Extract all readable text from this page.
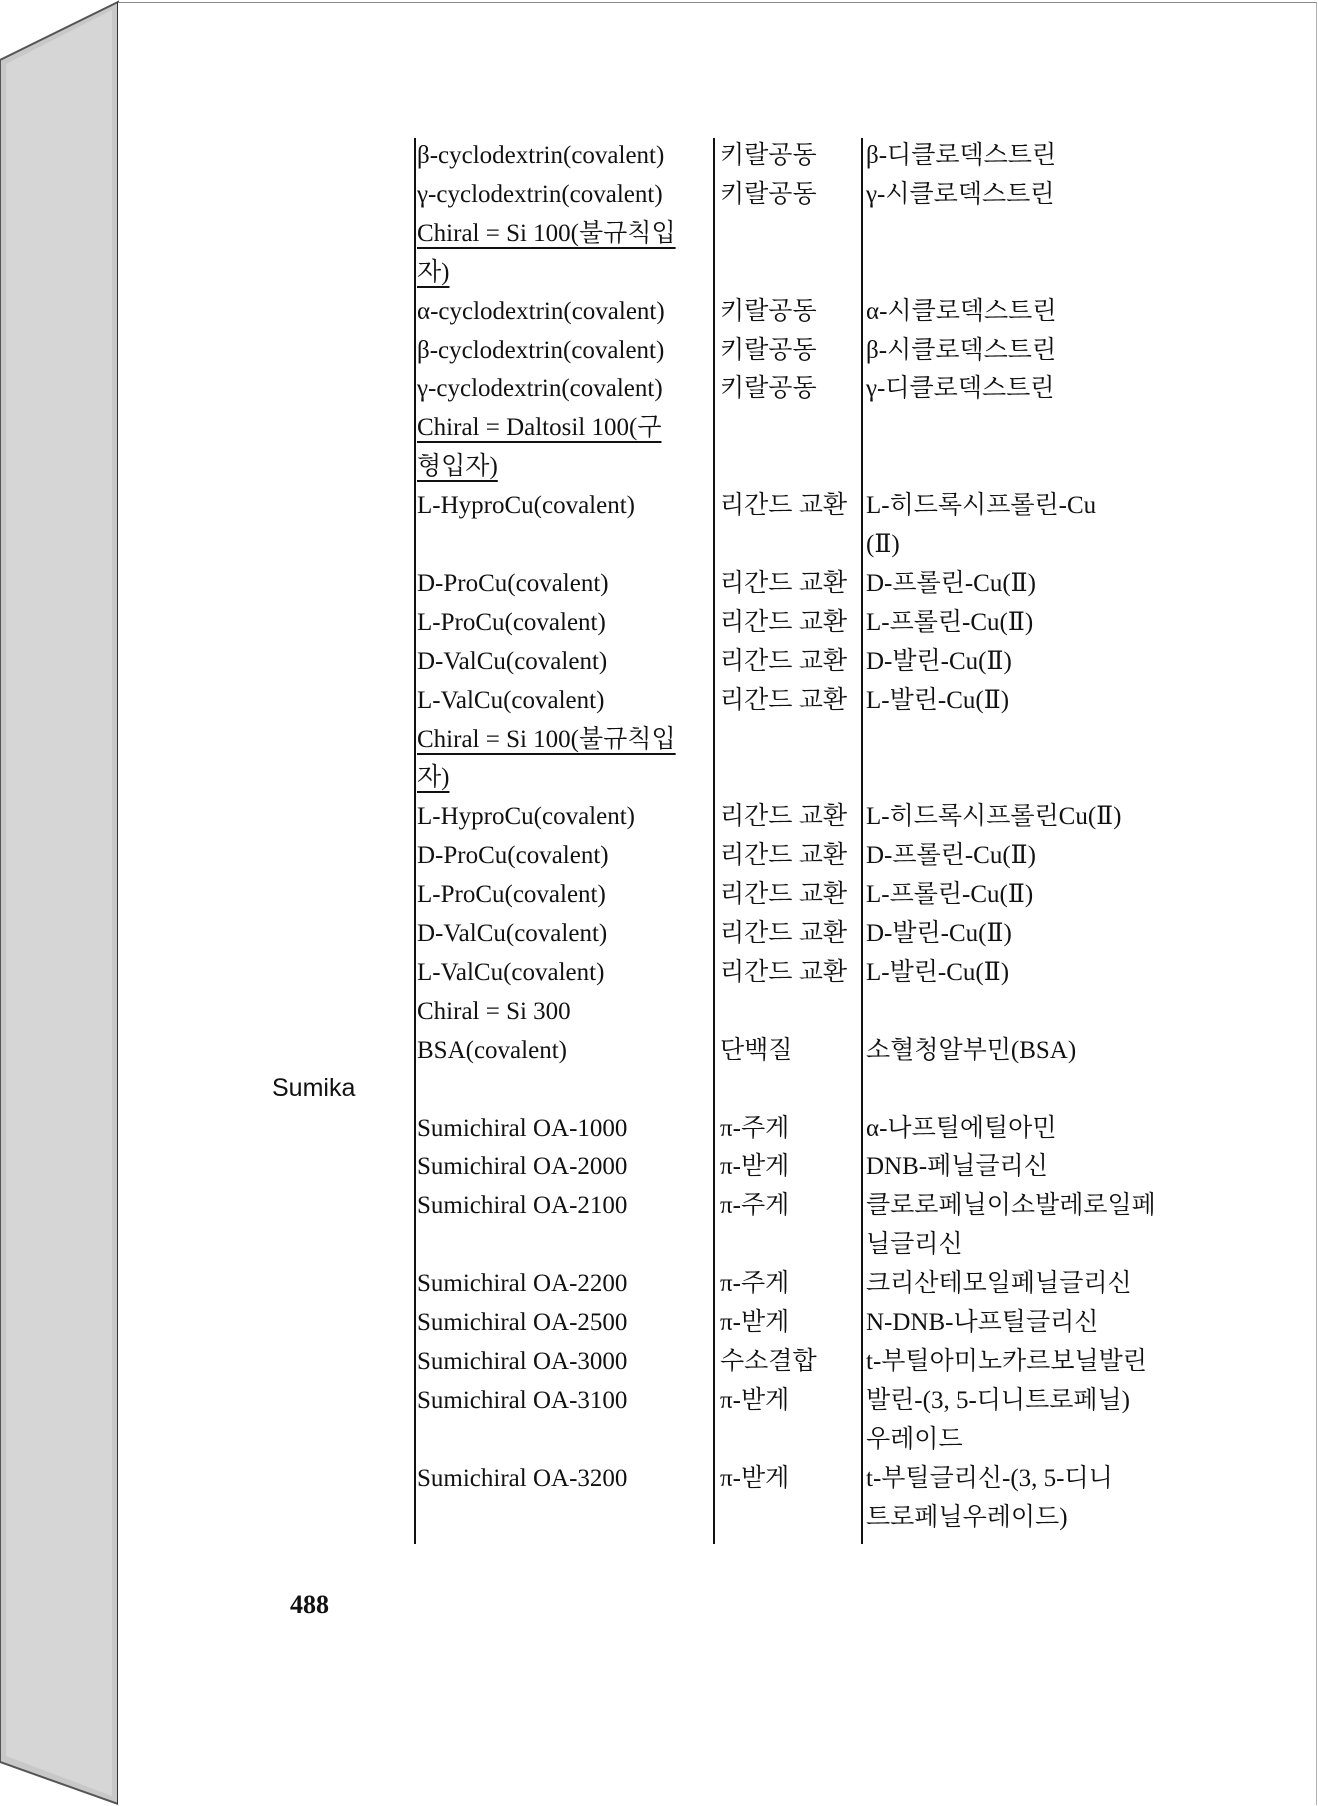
β-cyclodextrin(covalent) 키랄공동 β-디클로덱스트린
γ-cyclodextrin(covalent) 키랄공동 γ-시클로덱스트린
Chiral = Si 100(불규칙입
자)
α-cyclodextrin(covalent) 키랄공동 α-시클로덱스트린
β-cyclodextrin(covalent) 키랄공동 β-시클로덱스트린
γ-cyclodextrin(covalent) 키랄공동 γ-디클로덱스트린
Chiral = Daltosil 100(구
형입자)
L-HyproCu(covalent)	리간드 교환 L-히드록시프롤린-Cu
(Ⅱ)
D-ProCu(covalent)	리간드 교환 D-프롤린-Cu(Ⅱ)
L-ProCu(covalent)	리간드 교환 L-프롤린-Cu(Ⅱ)
D-ValCu(covalent)	리간드 교환 D-발린-Cu(Ⅱ)
L-ValCu(covalent)	리간드 교환 L-발린-Cu(Ⅱ)
Chiral = Si 100(불규칙입
자)
L-HyproCu(covalent)	리간드 교환 L-히드록시프롤린Cu(Ⅱ)
D-ProCu(covalent)	리간드 교환 D-프롤린-Cu(Ⅱ)
L-ProCu(covalent)	리간드 교환 L-프롤린-Cu(Ⅱ)
D-ValCu(covalent)	리간드 교환 D-발린-Cu(Ⅱ)
L-ValCu(covalent)	리간드 교환 L-발린-Cu(Ⅱ)
Chiral = Si 300
BSA(covalent)	단백질	소혈청알부민(BSA)
Sumichiral OA-1000	π-주게	α-나프틸에틸아민
Sumichiral OA-2000	π-받게	DNB-페닐글리신
Sumichiral OA-2100	π-주게	클로로페닐이소발레로일페
닐글리신
Sumichiral OA-2200	π-주게	크리산테모일페닐글리신
Sumichiral OA-2500	π-받게	N-DNB-나프틸글리신
Sumichiral OA-3000	수소결합 t-부틸아미노카르보닐발린
Sumichiral OA-3100	π-받게	발린-(3, 5-디니트로페닐)
우레이드
Sumichiral OA-3200	π-받게	t-부틸글리신-(3, 5-디니
트로페닐우레이드)
Sumika
488
